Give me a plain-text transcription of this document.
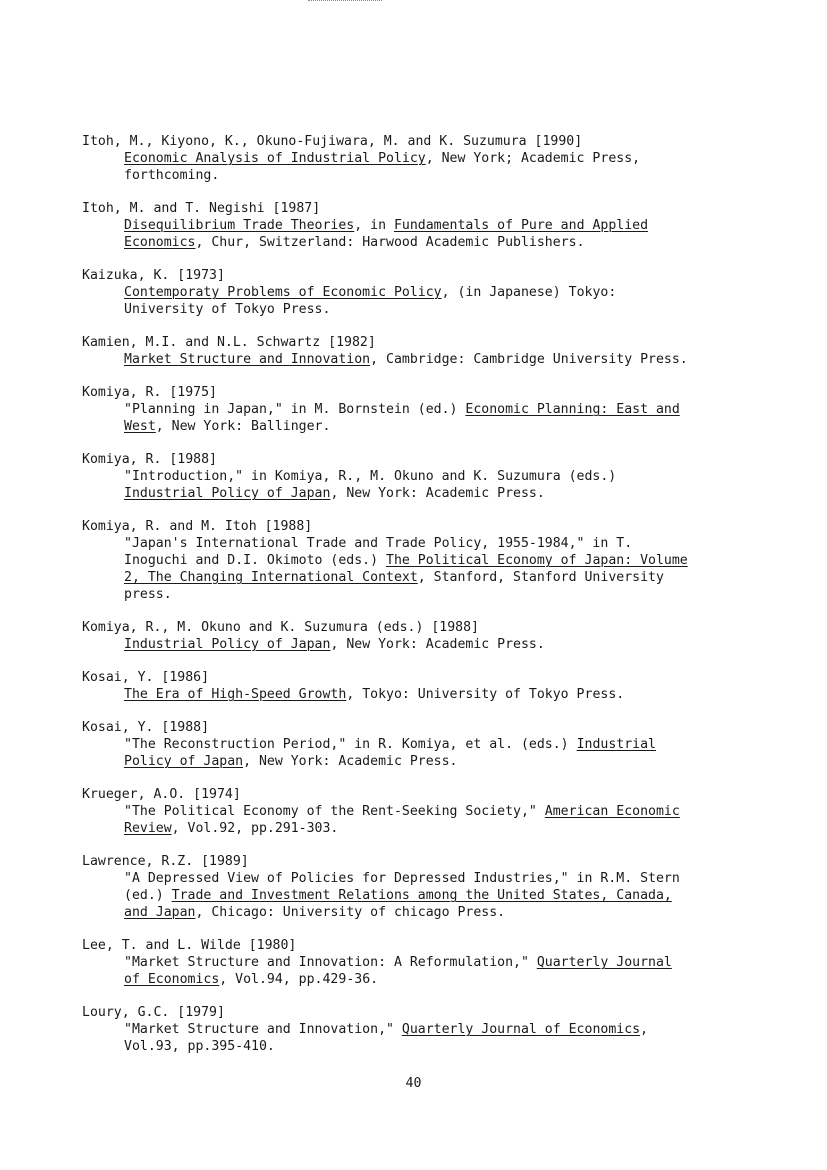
Itoh, M., Kiyono, K., Okuno-Fujiwara, M. and K. Suzumura [1990]
Economic Analysis of Industrial Policy, New York; Academic Press,
forthcoming.
Itoh, M. and T. Negishi [1987]
Disequilibrium Trade Theories, in Fundamentals of Pure and Applied
Economics, Chur, Switzerland: Harwood Academic Publishers.
Kaizuka, K. [1973]
Contemporaty Problems of Economic Policy, (in Japanese) Tokyo:
University of Tokyo Press.
Kamien, M.I. and N.L. Schwartz [1982]
Market Structure and Innovation, Cambridge: Cambridge University Press.
Komiya, R. [1975]
"Planning in Japan," in M. Bornstein (ed.) Economic Planning: East and
West, New York: Ballinger.
Komiya, R. [1988]
"Introduction," in Komiya, R., M. Okuno and K. Suzumura (eds.)
Industrial Policy of Japan, New York: Academic Press.
Komiya, R. and M. Itoh [1988]
"Japan's International Trade and Trade Policy, 1955-1984," in T.
Inoguchi and D.I. Okimoto (eds.) The Political Economy of Japan: Volume
2, The Changing International Context, Stanford, Stanford University
press.
Komiya, R., M. Okuno and K. Suzumura (eds.) [1988]
Industrial Policy of Japan, New York: Academic Press.
Kosai, Y. [1986]
The Era of High-Speed Growth, Tokyo: University of Tokyo Press.
Kosai, Y. [1988]
"The Reconstruction Period," in R. Komiya, et al. (eds.) Industrial
Policy of Japan, New York: Academic Press.
Krueger, A.O. [1974]
"The Political Economy of the Rent-Seeking Society," American Economic
Review, Vol.92, pp.291-303.
Lawrence, R.Z. [1989]
"A Depressed View of Policies for Depressed Industries," in R.M. Stern
(ed.) Trade and Investment Relations among the United States, Canada,
and Japan, Chicago: University of chicago Press.
Lee, T. and L. Wilde [1980]
"Market Structure and Innovation: A Reformulation," Quarterly Journal
of Economics, Vol.94, pp.429-36.
Loury, G.C. [1979]
"Market Structure and Innovation," Quarterly Journal of Economics,
Vol.93, pp.395-410.
40
